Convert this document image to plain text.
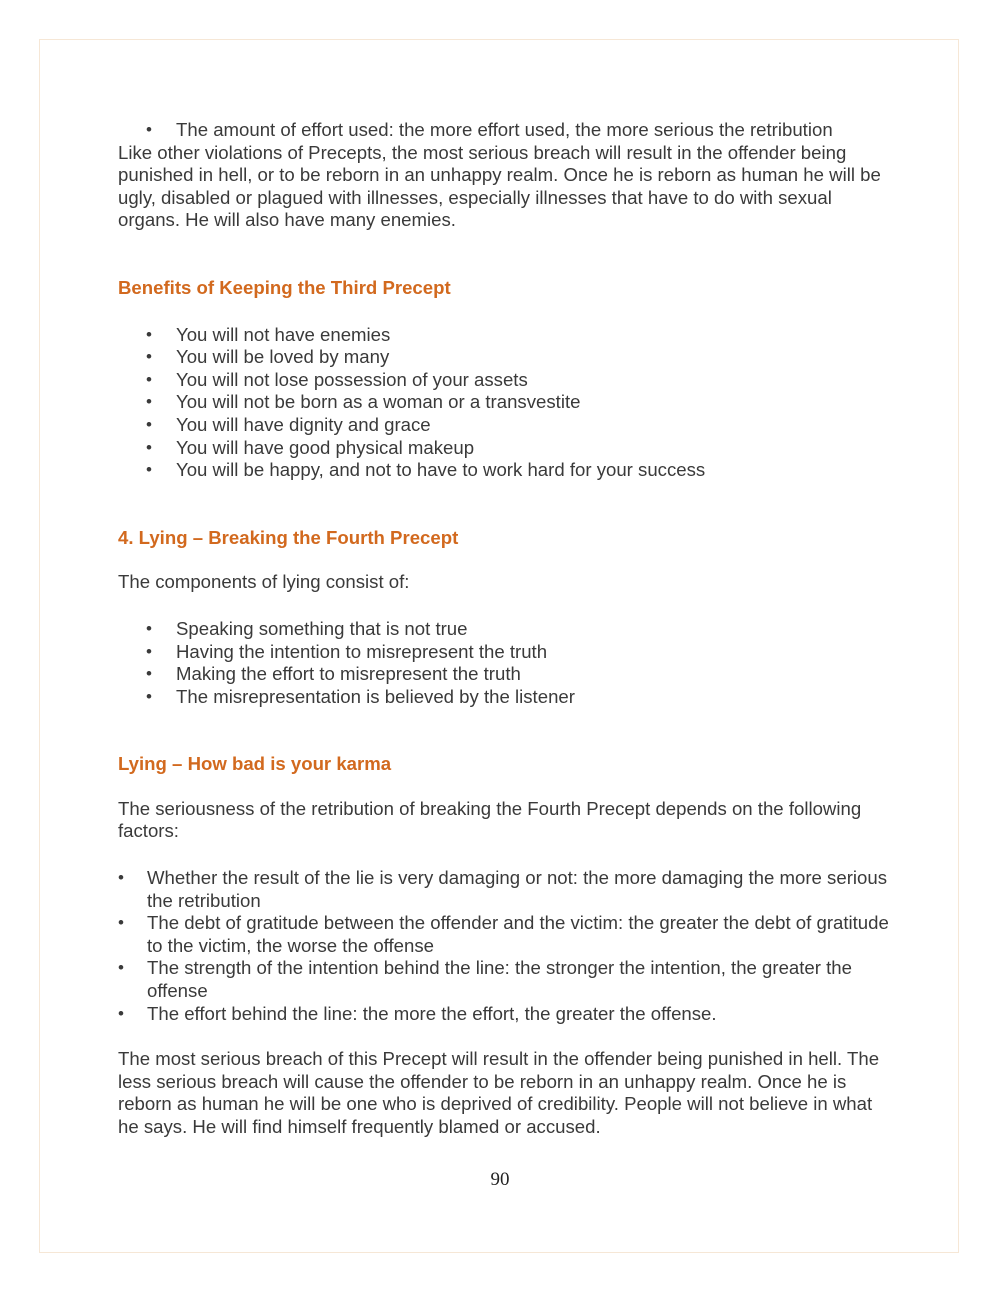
• The amount of effort used: the more effort used, the more serious the retribution

Like other violations of Precepts, the most serious breach will result in the offender being punished in hell, or to be reborn in an unhappy realm. Once he is reborn as human he will be ugly, disabled or plagued with illnesses, especially illnesses that have to do with sexual organs. He will also have many enemies.

Benefits of Keeping the Third Precept
• You will not have enemies
• You will be loved by many
• You will not lose possession of your assets
• You will not be born as a woman or a transvestite
• You will have dignity and grace
• You will have good physical makeup
• You will be happy, and not to have to work hard for your success
4. Lying – Breaking the Fourth Precept

The components of lying consist of:

• Speaking something that is not true
• Having the intention to misrepresent the truth
• Making the effort to misrepresent the truth
• The misrepresentation is believed by the listener
Lying – How bad is your karma

The seriousness of the retribution of breaking the Fourth Precept depends on the following factors:

• Whether the result of the lie is very damaging or not: the more damaging the more serious the retribution
• The debt of gratitude between the offender and the victim: the greater the debt of gratitude to the victim, the worse the offense
• The strength of the intention behind the line: the stronger the intention, the greater the offense
• The effort behind the line: the more the effort, the greater the offense.

The most serious breach of this Precept will result in the offender being punished in hell. The less serious breach will cause the offender to be reborn in an unhappy realm. Once he is reborn as human he will be one who is deprived of credibility. People will not believe in what he says. He will find himself frequently blamed or accused.

90
